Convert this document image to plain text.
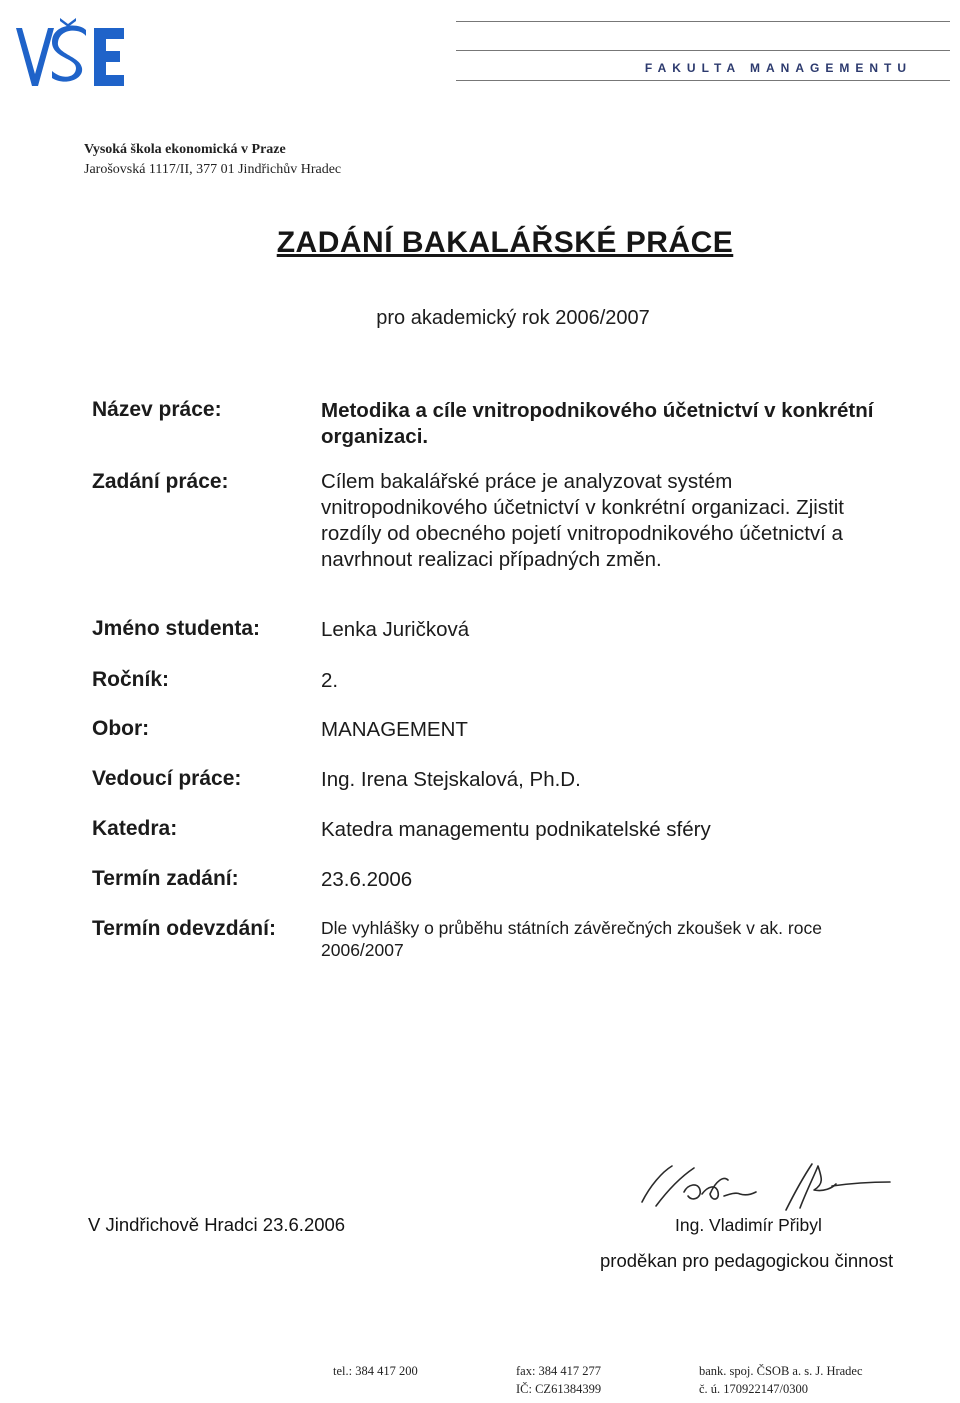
FAKULTA MANAGEMENTU
Vysoká škola ekonomická v Praze
Jarošovská 1117/II, 377 01 Jindřichův Hradec
ZADÁNÍ BAKALÁŘSKÉ PRÁCE
pro akademický rok 2006/2007
Název práce:	Metodika a cíle vnitropodnikového účetnictví v konkrétní
organizaci.
Zadání práce:	Cílem bakalářské práce je analyzovat systém
vnitropodnikového účetnictví v konkrétní organizaci. Zjistit
rozdíly od obecného pojetí vnitropodnikového účetnictví a
navrhnout realizaci případných změn.
Jméno studenta:	Lenka Juričková
Ročník:	2.
Obor:	MANAGEMENT
Vedoucí práce:	Ing. Irena Stejskalová, Ph.D.
Katedra:	Katedra managementu podnikatelské sféry
Termín zadání:	23.6.2006
Termín odevzdání:	Dle vyhlášky o průběhu státních závěrečných zkoušek v ak. roce
2006/2007
V Jindřichově Hradci 23.6.2006	Ing. Vladimír Přibyl
proděkan pro pedagogickou činnost
tel.: 384 417 200	fax: 384 417 277
IČ: CZ61384399
bank. spoj. ČSOB a. s. J. Hradec
č. ú. 170922147/0300
